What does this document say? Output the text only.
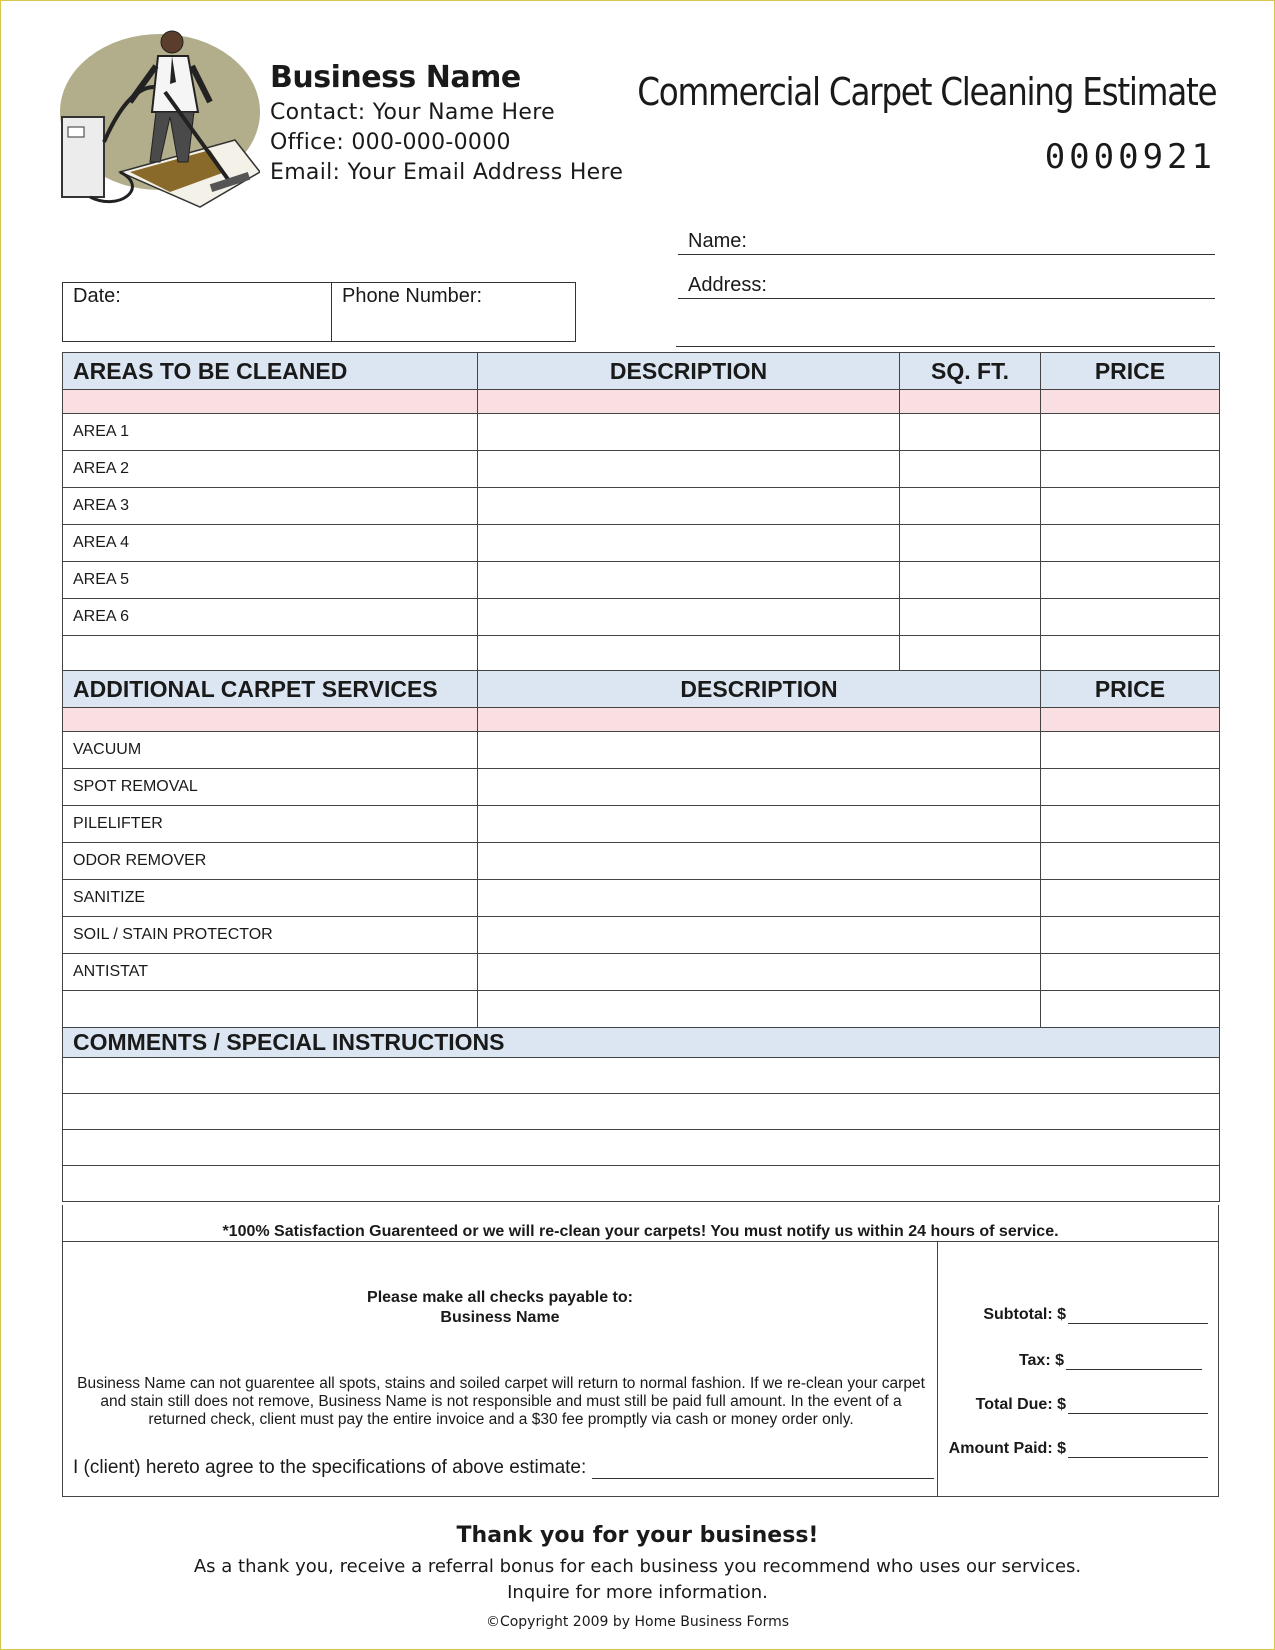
Business Name
Contact: Your Name Here
Office: 000-000-0000
Email: Your Email Address Here
Commercial Carpet Cleaning Estimate
0000921
Name:
Address:
Date:	Phone Number:
AREAS TO BE CLEANED	DESCRIPTION	SQ. FT.	PRICE

AREA 1			
AREA 2			
AREA 3			
AREA 4			
AREA 5			
AREA 6			

ADDITIONAL CARPET SERVICES	DESCRIPTION	PRICE

VACUUM		
SPOT REMOVAL		
PILELIFTER		
ODOR REMOVER		
SANITIZE		
SOIL / STAIN PROTECTOR		
ANTISTAT		

COMMENTS / SPECIAL INSTRUCTIONS

*100% Satisfaction Guarenteed or we will re-clean your carpets! You must notify us within 24 hours of service.
Please make all checks payable to:
Business Name
Business Name can not guarentee all spots, stains and soiled carpet will return to normal fashion. If we re-clean your carpet and stain still does not remove, Business Name is not responsible and must still be paid full amount. In the event of a returned check, client must pay the entire invoice and a $30 fee promptly via cash or money order only.
I (client) hereto agree to the specifications of above estimate:
Subtotal: $
Tax: $
Total Due: $
Amount Paid: $
Thank you for your business!
As a thank you, receive a referral bonus for each business you recommend who uses our services.
Inquire for more information.
©Copyright 2009 by Home Business Forms
